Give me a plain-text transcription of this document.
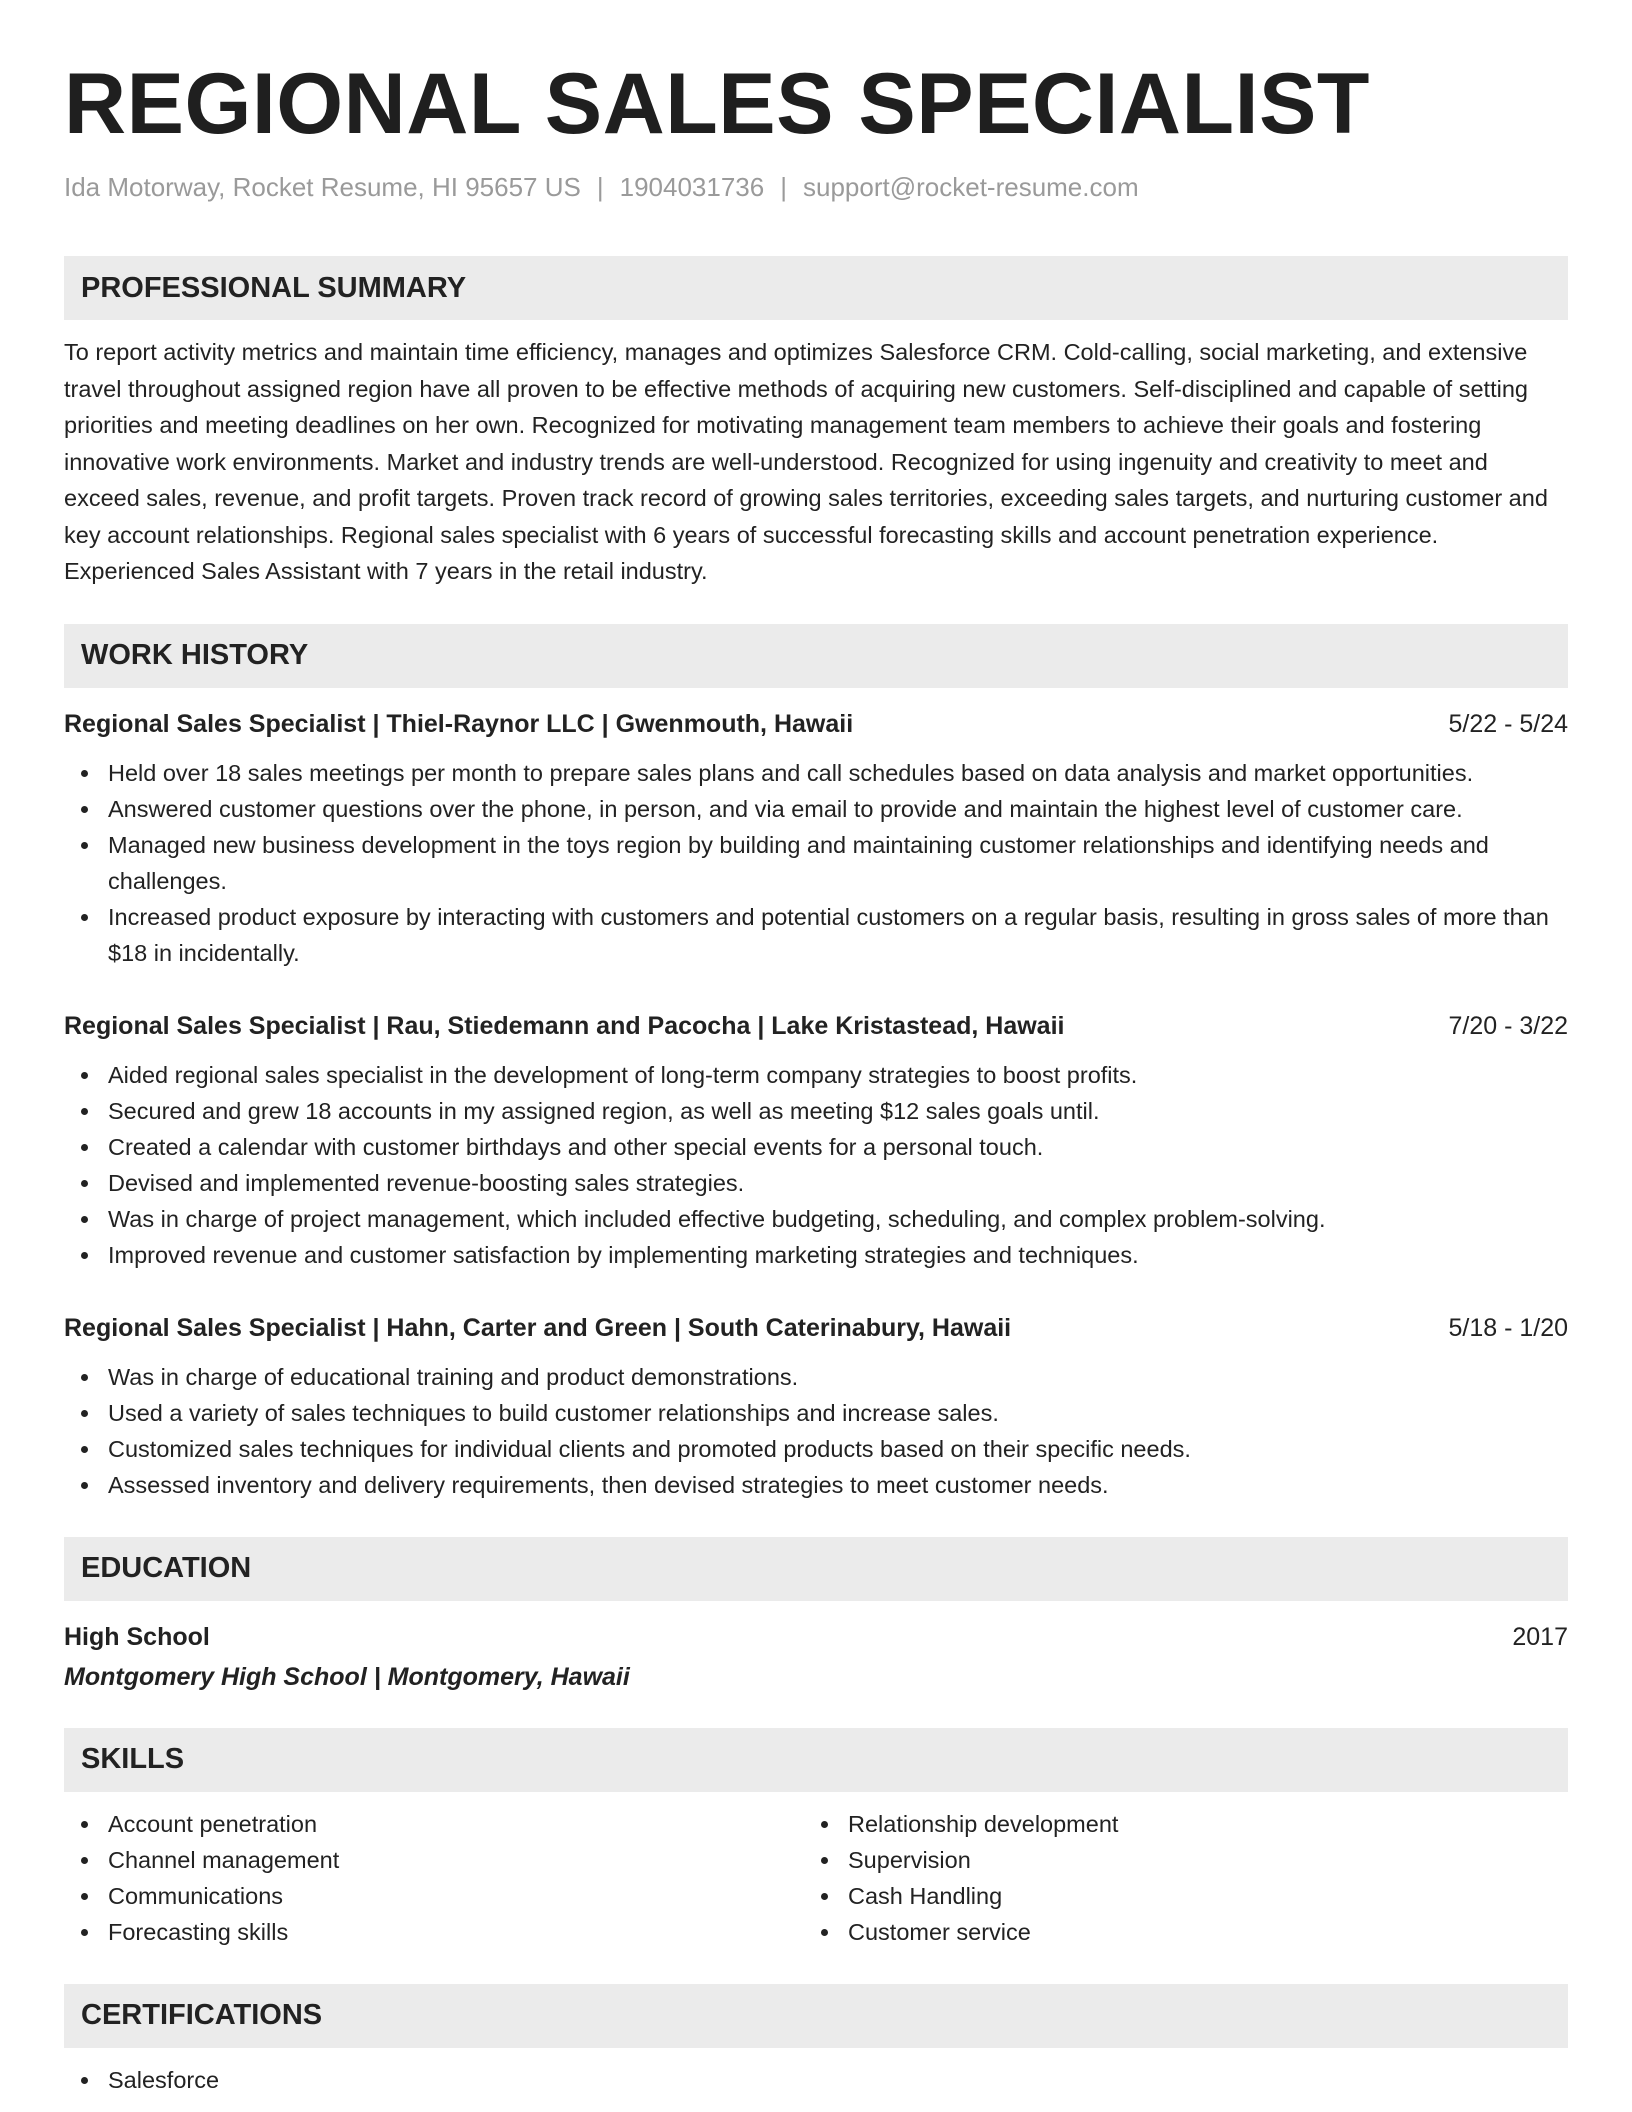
REGIONAL SALES SPECIALIST
Ida Motorway, Rocket Resume, HI 95657 US | 1904031736 | support@rocket-resume.com
PROFESSIONAL SUMMARY
To report activity metrics and maintain time efficiency, manages and optimizes Salesforce CRM. Cold-calling, social marketing, and extensive travel throughout assigned region have all proven to be effective methods of acquiring new customers. Self-disciplined and capable of setting priorities and meeting deadlines on her own. Recognized for motivating management team members to achieve their goals and fostering innovative work environments. Market and industry trends are well-understood. Recognized for using ingenuity and creativity to meet and exceed sales, revenue, and profit targets. Proven track record of growing sales territories, exceeding sales targets, and nurturing customer and key account relationships. Regional sales specialist with 6 years of successful forecasting skills and account penetration experience. Experienced Sales Assistant with 7 years in the retail industry.
WORK HISTORY
Regional Sales Specialist | Thiel-Raynor LLC | Gwenmouth, Hawaii	5/22 - 5/24
Held over 18 sales meetings per month to prepare sales plans and call schedules based on data analysis and market opportunities.
Answered customer questions over the phone, in person, and via email to provide and maintain the highest level of customer care.
Managed new business development in the toys region by building and maintaining customer relationships and identifying needs and challenges.
Increased product exposure by interacting with customers and potential customers on a regular basis, resulting in gross sales of more than $18 in incidentally.
Regional Sales Specialist | Rau, Stiedemann and Pacocha | Lake Kristastead, Hawaii	7/20 - 3/22
Aided regional sales specialist in the development of long-term company strategies to boost profits.
Secured and grew 18 accounts in my assigned region, as well as meeting $12 sales goals until.
Created a calendar with customer birthdays and other special events for a personal touch.
Devised and implemented revenue-boosting sales strategies.
Was in charge of project management, which included effective budgeting, scheduling, and complex problem-solving.
Improved revenue and customer satisfaction by implementing marketing strategies and techniques.
Regional Sales Specialist | Hahn, Carter and Green | South Caterinabury, Hawaii	5/18 - 1/20
Was in charge of educational training and product demonstrations.
Used a variety of sales techniques to build customer relationships and increase sales.
Customized sales techniques for individual clients and promoted products based on their specific needs.
Assessed inventory and delivery requirements, then devised strategies to meet customer needs.
EDUCATION
High School	2017
Montgomery High School | Montgomery, Hawaii
SKILLS
Account penetration
Channel management
Communications
Forecasting skills
Relationship development
Supervision
Cash Handling
Customer service
CERTIFICATIONS
Salesforce
